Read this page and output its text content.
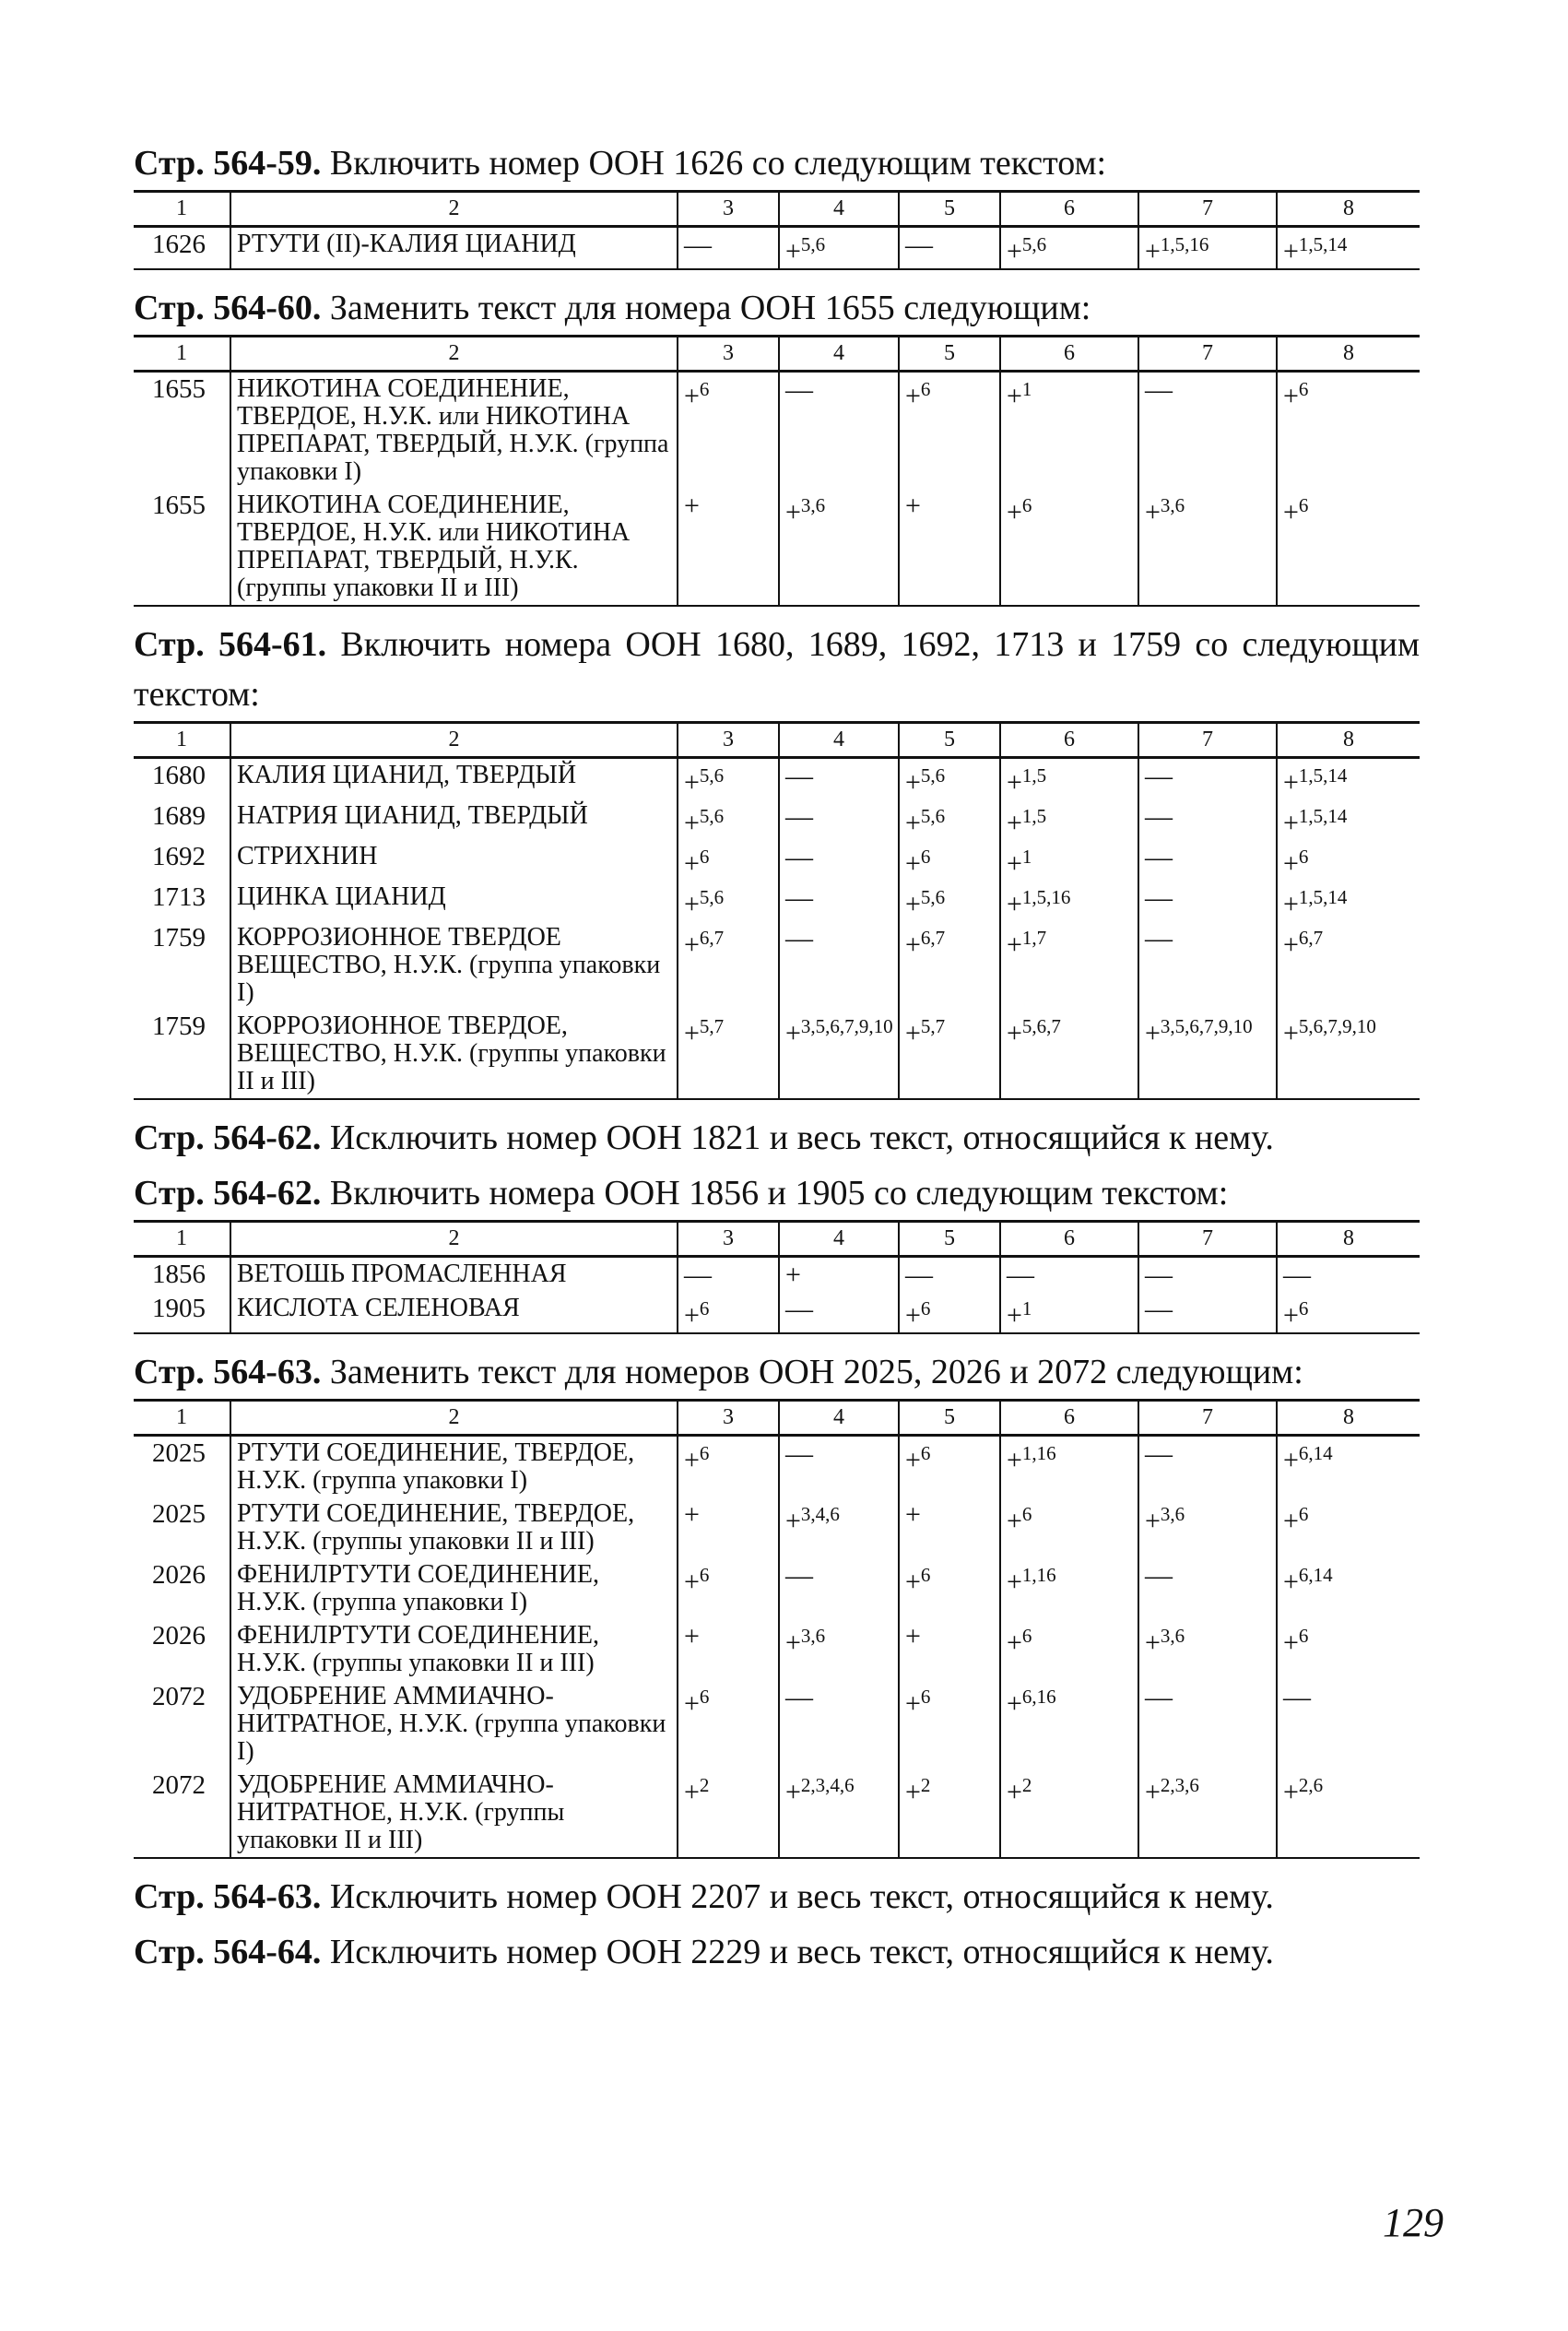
Стр. 564-59. Включить номер ООН 1626 со следующим текстом:

1	2	3	4	5	6	7	8
1626	РТУТИ (II)-КАЛИЯ ЦИАНИД	—	+$^{5,6}$	—	+$^{5,6}$	+$^{1,5,16}$	+$^{1,5,14}$

Стр. 564-60. Заменить текст для номера ООН 1655 следующим:

1	2	3	4	5	6	7	8
1655	НИКОТИНА СОЕДИНЕНИЕ, ТВЕРДОЕ, Н.У.К. или НИКОТИНА ПРЕПАРАТ, ТВЕРДЫЙ, Н.У.К. (группа упаковки I)	+$^6$	—	+$^6$	+$^1$	—	+$^6$
1655	НИКОТИНА СОЕДИНЕНИЕ, ТВЕРДОЕ, Н.У.К. или НИКОТИНА ПРЕПАРАТ, ТВЕРДЫЙ, Н.У.К. (группы упаковки II и III)	+	+$^{3,6}$	+	+$^6$	+$^{3,6}$	+$^6$

Стр. 564-61. Включить номера ООН 1680, 1689, 1692, 1713 и 1759 со следующим текстом:

1	2	3	4	5	6	7	8
1680	КАЛИЯ ЦИАНИД, ТВЕРДЫЙ	+$^{5,6}$	—	+$^{5,6}$	+$^{1,5}$	—	+$^{1,5,14}$
1689	НАТРИЯ ЦИАНИД, ТВЕРДЫЙ	+$^{5,6}$	—	+$^{5,6}$	+$^{1,5}$	—	+$^{1,5,14}$
1692	СТРИХНИН	+$^6$	—	+$^6$	+$^1$	—	+$^6$
1713	ЦИНКА ЦИАНИД	+$^{5,6}$	—	+$^{5,6}$	+$^{1,5,16}$	—	+$^{1,5,14}$
1759	КОРРОЗИОННОЕ ТВЕРДОЕ ВЕЩЕСТВО, Н.У.К. (группа упаковки I)	+$^{6,7}$	—	+$^{6,7}$	+$^{1,7}$	—	+$^{6,7}$
1759	КОРРОЗИОННОЕ ТВЕРДОЕ, ВЕЩЕСТВО, Н.У.К. (группы упаковки II и III)	+$^{5,7}$	+$^{3,5,6,7,9,10}$	+$^{5,7}$	+$^{5,6,7}$	+$^{3,5,6,7,9,10}$	+$^{5,6,7,9,10}$

Стр. 564-62. Исключить номер ООН 1821 и весь текст, относящийся к нему.

Стр. 564-62. Включить номера ООН 1856 и 1905 со следующим текстом:

1	2	3	4	5	6	7	8
1856	ВЕТОШЬ ПРОМАСЛЕННАЯ	—	+	—	—	—	—
1905	КИСЛОТА СЕЛЕНОВАЯ	+$^6$	—	+$^6$	+$^1$	—	+$^6$

Стр. 564-63. Заменить текст для номеров ООН 2025, 2026 и 2072 следующим:

1	2	3	4	5	6	7	8
2025	РТУТИ СОЕДИНЕНИЕ, ТВЕРДОЕ, Н.У.К. (группа упаковки I)	+$^6$	—	+$^6$	+$^{1,16}$	—	+$^{6,14}$
2025	РТУТИ СОЕДИНЕНИЕ, ТВЕРДОЕ, Н.У.К. (группы упаковки II и III)	+	+$^{3,4,6}$	+	+$^6$	+$^{3,6}$	+$^6$
2026	ФЕНИЛРТУТИ СОЕДИНЕНИЕ, Н.У.К. (группа упаковки I)	+$^6$	—	+$^6$	+$^{1,16}$	—	+$^{6,14}$
2026	ФЕНИЛРТУТИ СОЕДИНЕНИЕ, Н.У.К. (группы упаковки II и III)	+	+$^{3,6}$	+	+$^6$	+$^{3,6}$	+$^6$
2072	УДОБРЕНИЕ АММИАЧНО-НИТРАТНОЕ, Н.У.К. (группа упаковки I)	+$^6$	—	+$^6$	+$^{6,16}$	—	—
2072	УДОБРЕНИЕ АММИАЧНО-НИТРАТНОЕ, Н.У.К. (группы упаковки II и III)	+$^2$	+$^{2,3,4,6}$	+$^2$	+$^2$	+$^{2,3,6}$	+$^{2,6}$

Стр. 564-63. Исключить номер ООН 2207 и весь текст, относящийся к нему.

Стр. 564-64. Исключить номер ООН 2229 и весь текст, относящийся к нему.

129
